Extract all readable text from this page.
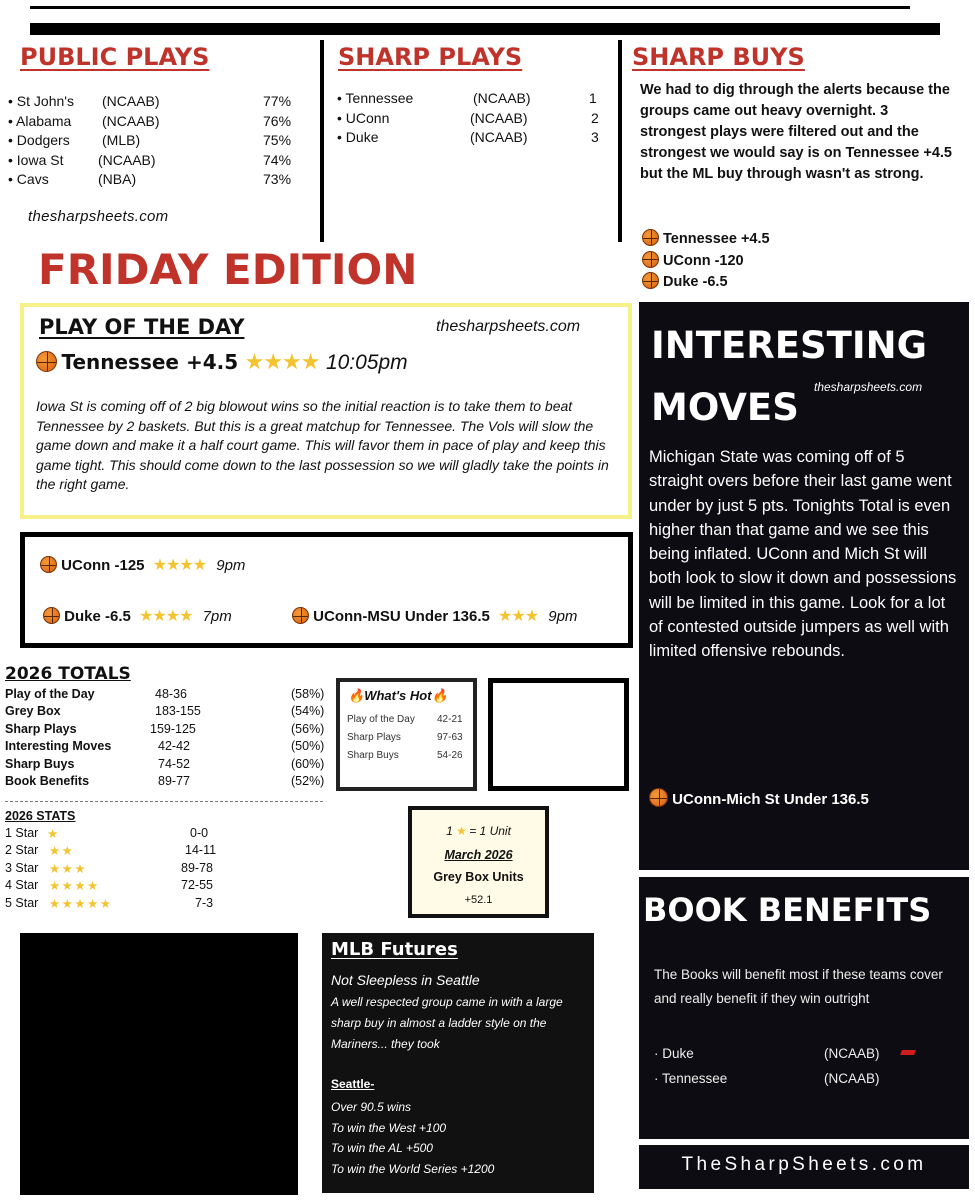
PUBLIC PLAYS
• St John's (NCAAB)	77%
• Alabama (NCAAB)	76%
• Dodgers (MLB)	75%
• Iowa St (NCAAB)	74%
• Cavs	(NBA)	73%
thesharpsheets.com
SHARP PLAYS
• Tennessee	(NCAAB)	1
• UConn	(NCAAB)	2
• Duke	(NCAAB)	3
SHARP BUYS
We had to dig through the alerts because the groups came out heavy overnight. 3 strongest plays were filtered out and the strongest we would say is on Tennessee +4.5 but the ML buy through wasn't as strong.
Tennessee +4.5
UConn -120
Duke -6.5
FRIDAY EDITION
PLAY OF THE DAY	thesharpsheets.com
Tennessee +4.5 ★★★★ 10:05pm
Iowa St is coming off of 2 big blowout wins so the initial reaction is to take them to beat Tennessee by 2 baskets. But this is a great matchup for Tennessee. The Vols will slow the game down and make it a half court game. This will favor them in pace of play and keep this game tight. This should come down to the last possession so we will gladly take the points in the right game.
UConn -125 ★★★★ 9pm
Duke -6.5 ★★★★ 7pm	UConn-MSU Under 136.5 ★★★ 9pm
INTERESTING
thesharpsheets.com
MOVES
Michigan State was coming off of 5 straight overs before their last game went under by just 5 pts. Tonights Total is even higher than that game and we see this being inflated. UConn and Mich St will both look to slow it down and possessions will be limited in this game. Look for a lot of contested outside jumpers as well with limited offensive rebounds.
UConn-Mich St Under 136.5
2026 TOTALS
Play of the Day	48-36	(58%)
Grey Box	183-155	(54%)
Sharp Plays	159-125	(56%)
Interesting Moves	42-42	(50%)
Sharp Buys	74-52	(60%)
Book Benefits	89-77	(52%)
2026 STATS
1 Star ★	0-0
2 Star ★ ★	14-11
3 Star ★ ★ ★	89-78
4 Star ★ ★ ★ ★	72-55
5 Star ★ ★ ★ ★ ★	7-3
🔥What's Hot🔥
Play of the Day 42-21
Sharp Plays	97-63
Sharp Buys	54-26
1 ★ = 1 Unit
March 2026
Grey Box Units
+52.1	BOOK BENEFITS
The Books will benefit most if these teams cover and really benefit if they win outright
· Duke	(NCAAB)
· Tennessee	(NCAAB)
TheSharpSheets.com
MLB Futures
Not Sleepless in Seattle
A well respected group came in with a large sharp buy in almost a ladder style on the Mariners... they took
Seattle-
Over 90.5 wins
To win the West +100
To win the AL +500
To win the World Series +1200
